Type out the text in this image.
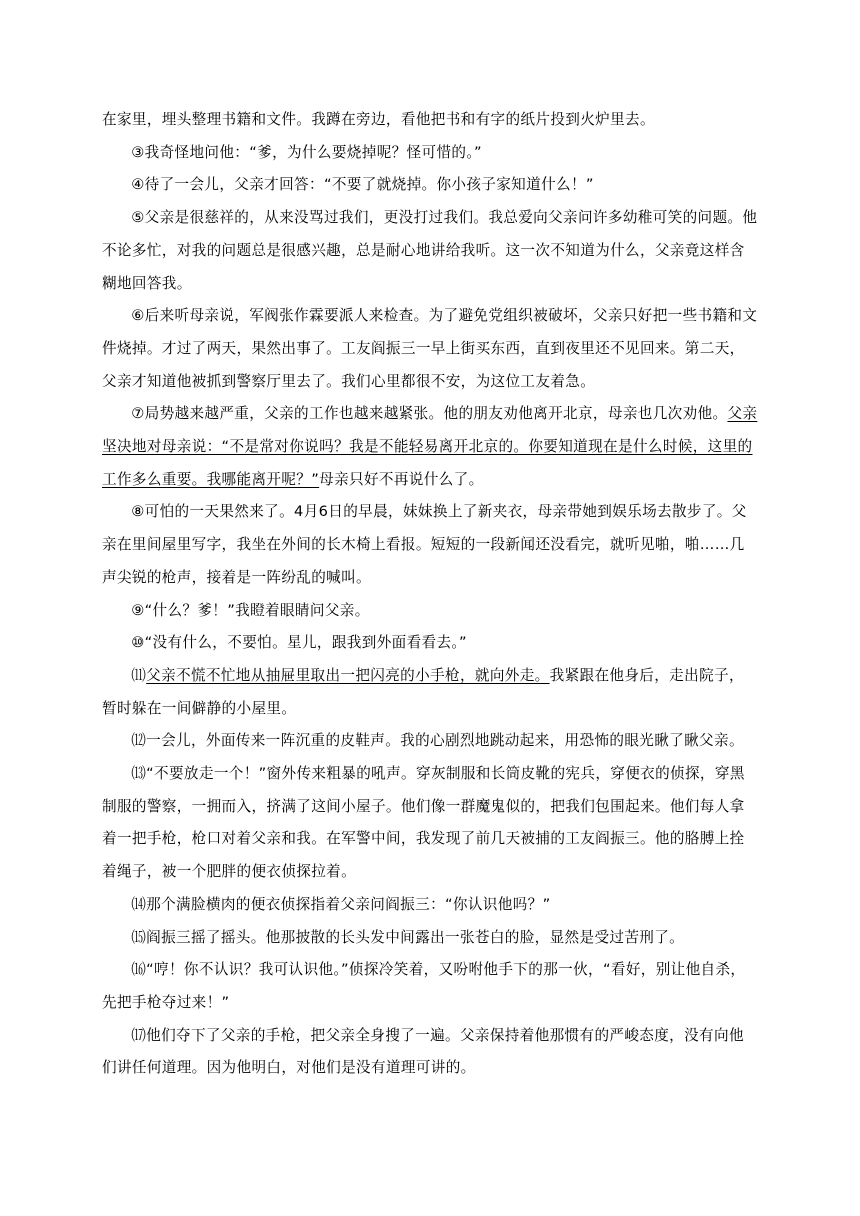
在家里，埋头整理书籍和文件。我蹲在旁边，看他把书和有字的纸片投到火炉里去。

③我奇怪地问他：“爹，为什么要烧掉呢？怪可惜的。”

④待了一会儿，父亲才回答：“不要了就烧掉。你小孩子家知道什么！”

⑤父亲是很慈祥的，从来没骂过我们，更没打过我们。我总爱向父亲问许多幼稚可笑的问题。他不论多忙，对我的问题总是很感兴趣，总是耐心地讲给我听。这一次不知道为什么，父亲竟这样含糊地回答我。

⑥后来听母亲说，军阀张作霖要派人来检查。为了避免党组织被破坏，父亲只好把一些书籍和文件烧掉。才过了两天，果然出事了。工友阎振三一早上街买东西，直到夜里还不见回来。第二天，父亲才知道他被抓到警察厅里去了。我们心里都很不安，为这位工友着急。

⑦局势越来越严重，父亲的工作也越来越紧张。他的朋友劝他离开北京，母亲也几次劝他。父亲坚决地对母亲说：“不是常对你说吗？我是不能轻易离开北京的。你要知道现在是什么时候，这里的工作多么重要。我哪能离开呢？”母亲只好不再说什么了。

⑧可怕的一天果然来了。4月6日的早晨，妹妹换上了新夹衣，母亲带她到娱乐场去散步了。父亲在里间屋里写字，我坐在外间的长木椅上看报。短短的一段新闻还没看完，就听见啪，啪……几声尖锐的枪声，接着是一阵纷乱的喊叫。

⑨“什么？爹！”我瞪着眼睛问父亲。

⑩“没有什么，不要怕。星儿，跟我到外面看看去。”

⑾父亲不慌不忙地从抽屉里取出一把闪亮的小手枪，就向外走。我紧跟在他身后，走出院子，暂时躲在一间僻静的小屋里。

⑿一会儿，外面传来一阵沉重的皮鞋声。我的心剧烈地跳动起来，用恐怖的眼光瞅了瞅父亲。

⒀“不要放走一个！”窗外传来粗暴的吼声。穿灰制服和长筒皮靴的宪兵，穿便衣的侦探，穿黑制服的警察，一拥而入，挤满了这间小屋子。他们像一群魔鬼似的，把我们包围起来。他们每人拿着一把手枪，枪口对着父亲和我。在军警中间，我发现了前几天被捕的工友阎振三。他的胳膊上拴着绳子，被一个肥胖的便衣侦探拉着。

⒁那个满脸横肉的便衣侦探指着父亲问阎振三：“你认识他吗？”

⒂阎振三摇了摇头。他那披散的长头发中间露出一张苍白的脸，显然是受过苦刑了。

⒃“哼！你不认识？我可认识他。”侦探冷笑着，又吩咐他手下的那一伙，“看好，别让他自杀，先把手枪夺过来！”

⒄他们夺下了父亲的手枪，把父亲全身搜了一遍。父亲保持着他那惯有的严峻态度，没有向他们讲任何道理。因为他明白，对他们是没有道理可讲的。
